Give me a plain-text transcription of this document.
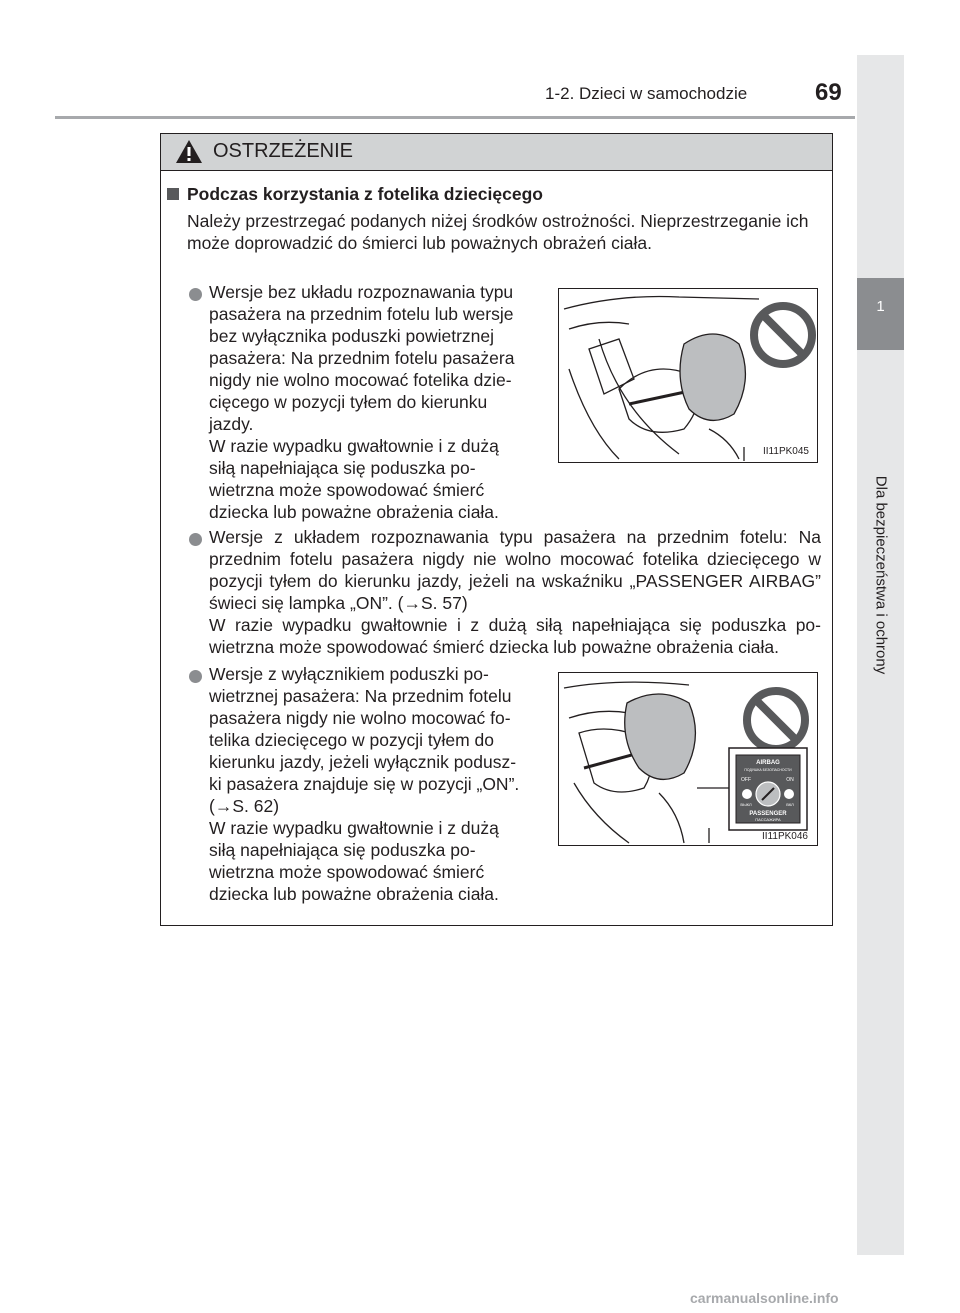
1-2. Dzieci w samochodzie	69
1
Dla bezpieczeństwa i ochrony
OSTRZEŻENIE
Podczas korzystania z fotelika dziecięcego
Należy przestrzegać podanych niżej środków ostrożności. Nieprzestrzeganie ich może doprowadzić do śmierci lub poważnych obrażeń ciała.
Wersje bez układu rozpoznawania typu
pasażera na przednim fotelu lub wersje
bez wyłącznika poduszki powietrznej
pasażera: Na przednim fotelu pasażera
nigdy nie wolno mocować fotelika dzie-
cięcego w pozycji tyłem do kierunku
jazdy.
W razie wypadku gwałtownie i z dużą
siłą napełniająca się poduszka po-
wietrzna może spowodować śmierć
dziecka lub poważne obrażenia ciała.
II11PK045
Wersje z układem rozpoznawania typu pasażera na przednim fotelu: Na przednim fotelu pasażera nigdy nie wolno mocować fotelika dziecięcego w pozycji tyłem do kierunku jazdy, jeżeli na wskaźniku „PASSENGER AIRBAG” świeci się lampka „ON”. (→S. 57)
W razie wypadku gwałtownie i z dużą siłą napełniająca się poduszka po-wietrzna może spowodować śmierć dziecka lub poważne obrażenia ciała.
Wersje z wyłącznikiem poduszki po-
wietrznej pasażera: Na przednim fotelu
pasażera nigdy nie wolno mocować fo-
telika dziecięcego w pozycji tyłem do
kierunku jazdy, jeżeli wyłącznik podusz-
ki pasażera znajduje się w pozycji „ON”.
(→S. 62)
W razie wypadku gwałtownie i z dużą
siłą napełniająca się poduszka po-
wietrzna może spowodować śmierć
dziecka lub poważne obrażenia ciała.
AIRBAG
ПОДУШКА БЕЗОПАСНОСТИ
OFF	ON
ВЫКЛ	ВКЛ
PASSENGER
ПАССАЖИРА
II11PK046
carmanualsonline.info
